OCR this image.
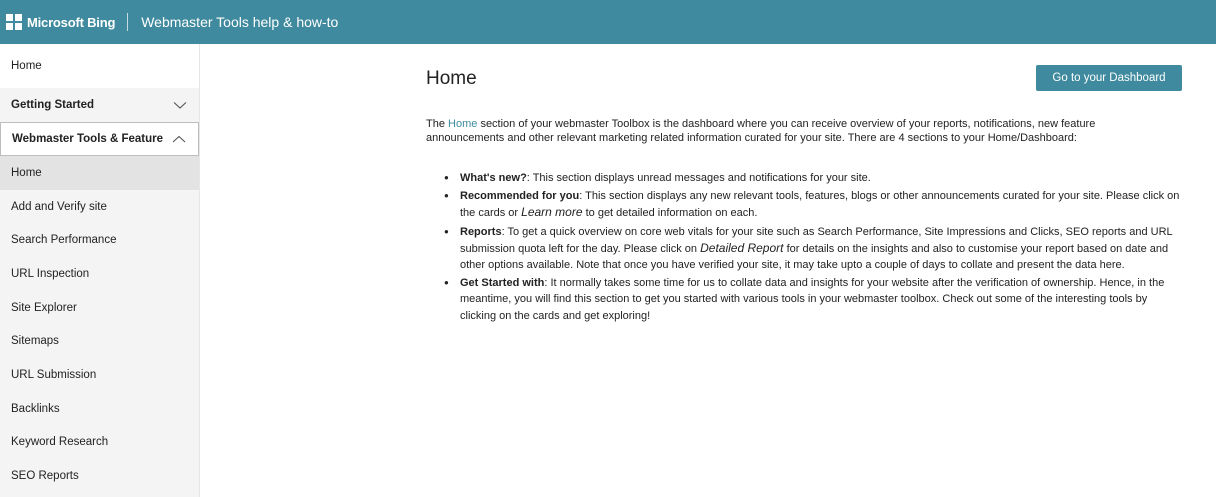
Microsoft Bing Webmaster Tools help & how-to
Home
Getting Started
Webmaster Tools & Feature
Home
Add and Verify site
Search Performance
URL Inspection
Site Explorer
Sitemaps
URL Submission
Backlinks
Keyword Research
SEO Reports
Home	Go to your Dashboard

The Home section of your webmaster Toolbox is the dashboard where you can receive overview of your reports, notifications, new feature announcements and other relevant marketing related information curated for your site. There are 4 sections to your Home/Dashboard:

● What's new?: This section displays unread messages and notifications for your site.
● Recommended for you: This section displays any new relevant tools, features, blogs or other announcements curated for your site. Please click on the cards or Learn more to get detailed information on each.
● Reports: To get a quick overview on core web vitals for your site such as Search Performance, Site Impressions and Clicks, SEO reports and URL submission quota left for the day. Please click on Detailed Report for details on the insights and also to customise your report based on date and other options available. Note that once you have verified your site, it may take upto a couple of days to collate and present the data here.
● Get Started with: It normally takes some time for us to collate data and insights for your website after the verification of ownership. Hence, in the meantime, you will find this section to get you started with various tools in your webmaster toolbox. Check out some of the interesting tools by clicking on the cards and get exploring!
